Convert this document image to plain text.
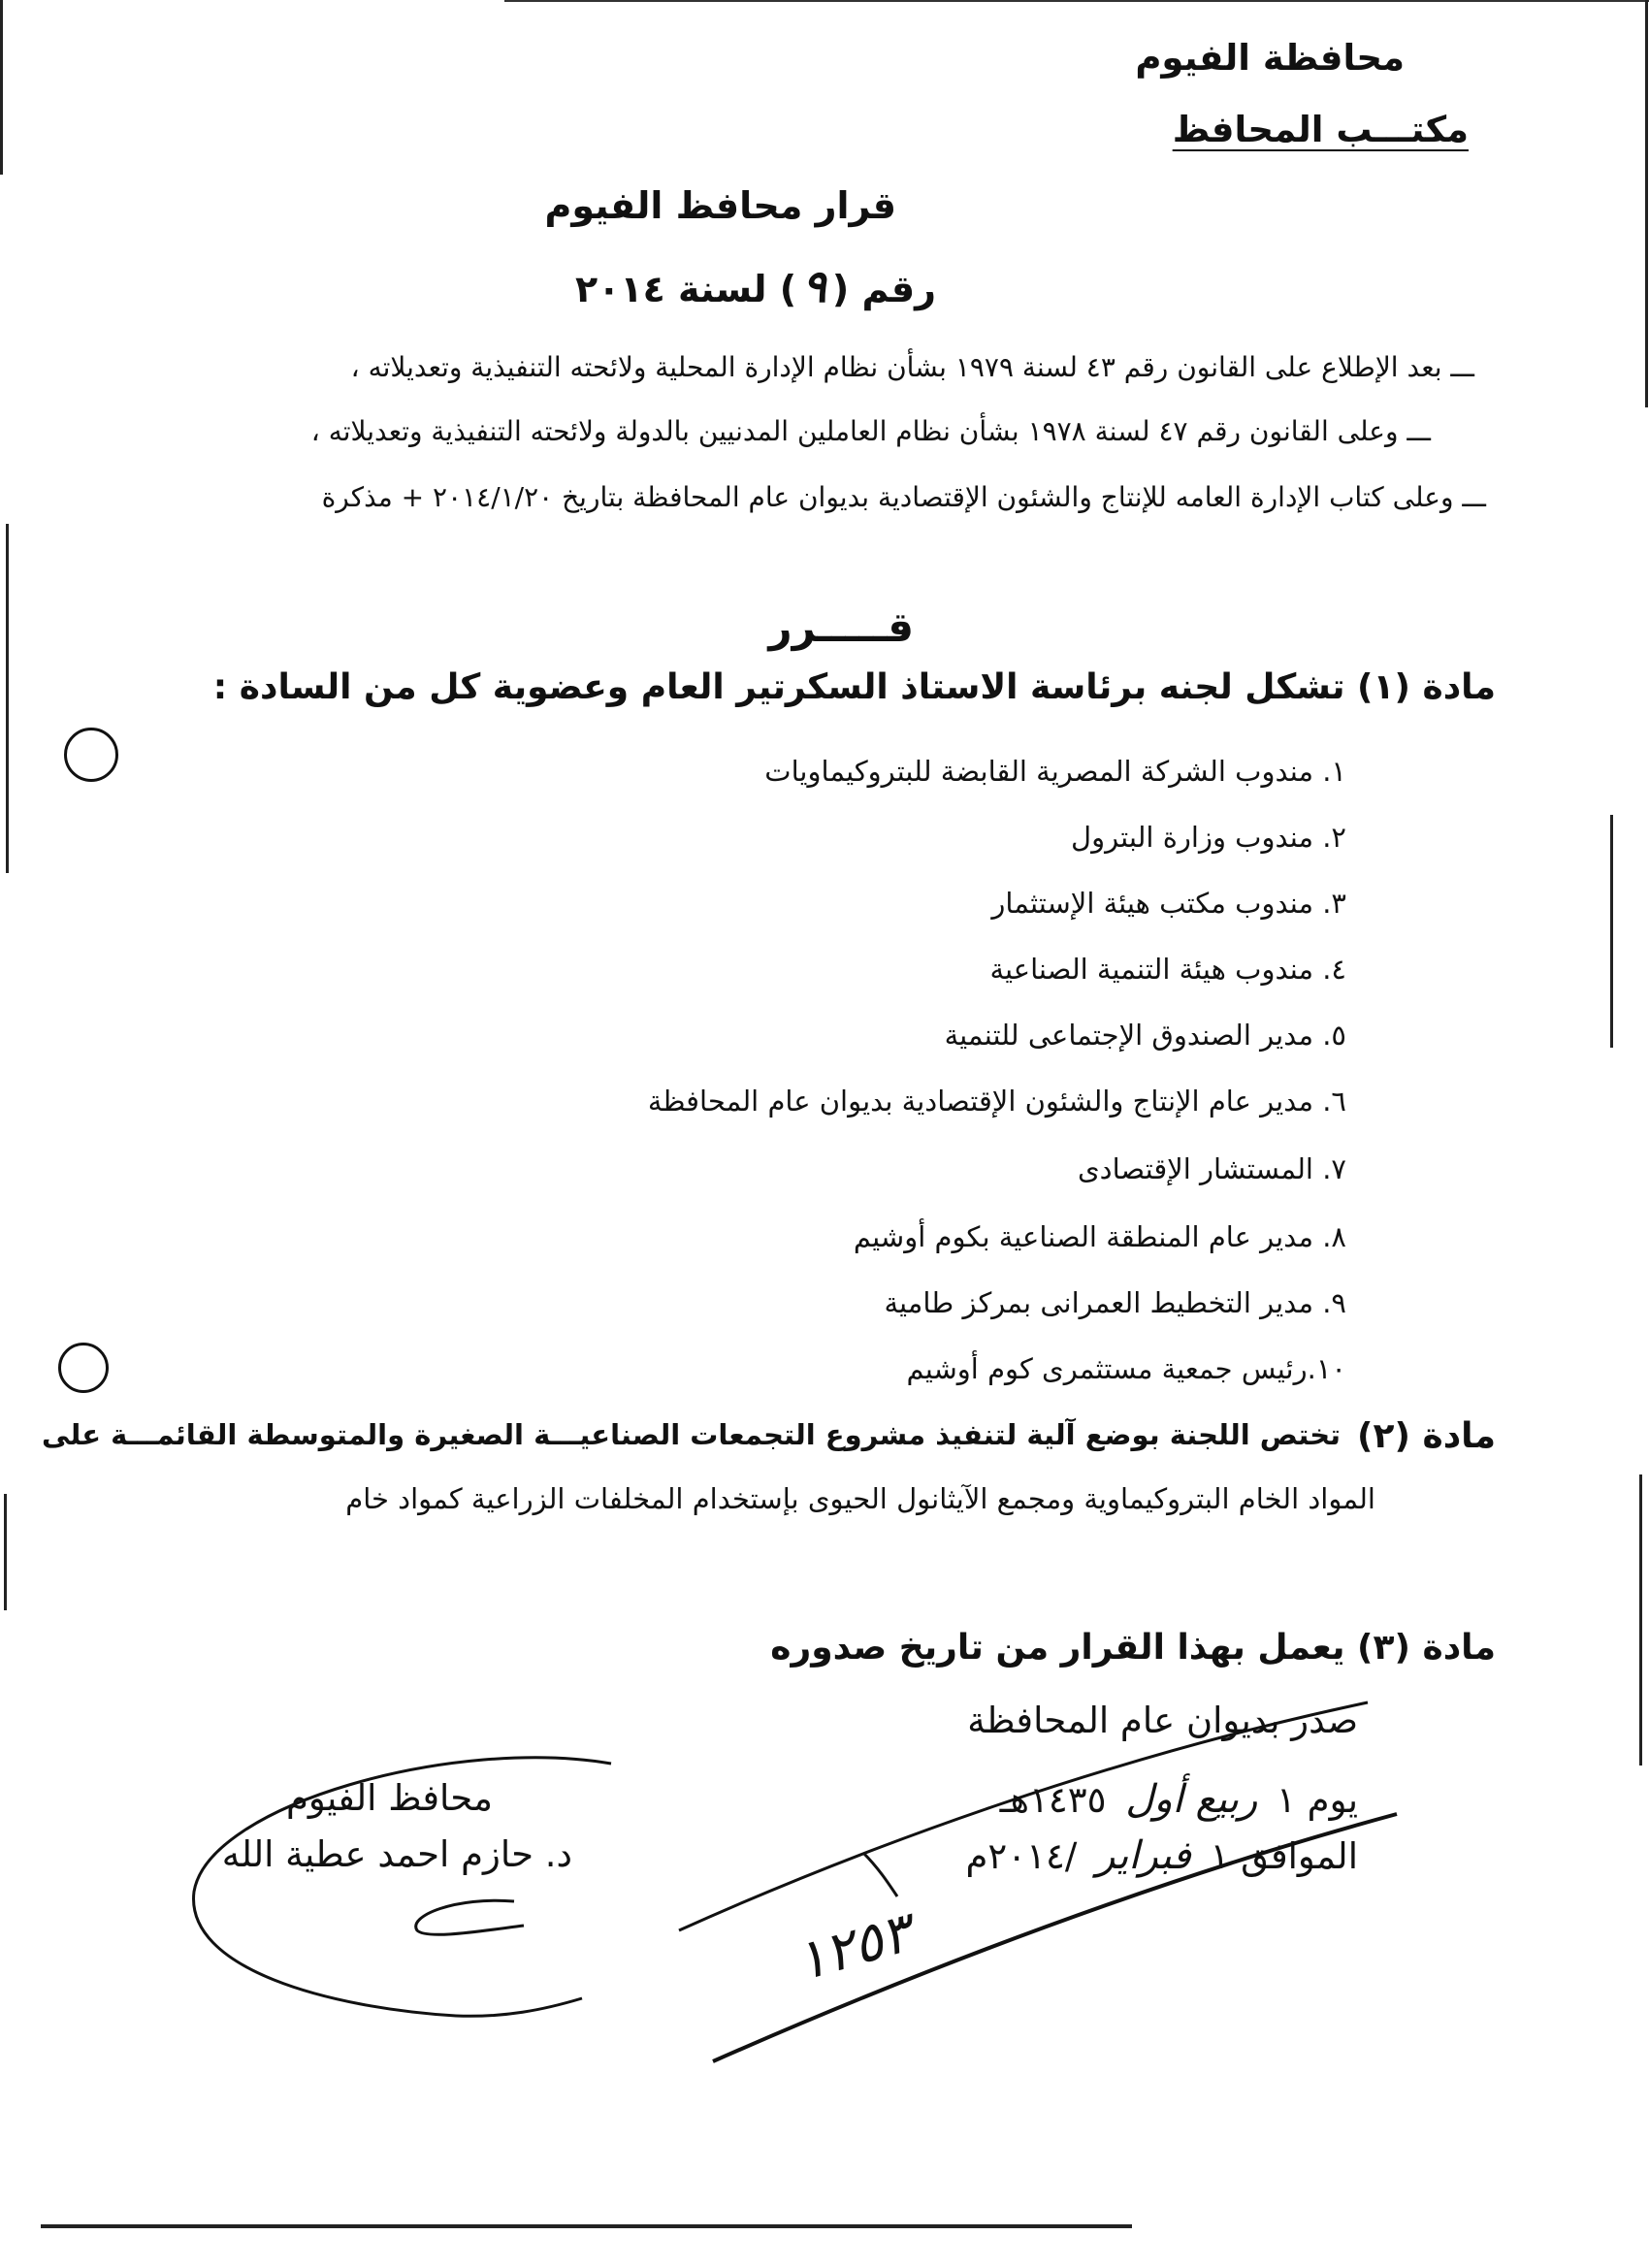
محافظة الفيوم
مكتـــب المحافظ
قرار محافظ الفيوم
رقم (٩) لسنة ٢٠١٤
ـــ بعد الإطلاع على القانون رقم ٤٣ لسنة ١٩٧٩ بشأن نظام الإدارة المحلية ولائحته التنفيذية وتعديلاته ،
ـــ وعلى القانون رقم ٤٧ لسنة ١٩٧٨ بشأن نظام العاملين المدنيين بالدولة ولائحته التنفيذية وتعديلاته ،
ـــ وعلى كتاب الإدارة العامه للإنتاج والشئون الإقتصادية بديوان عام المحافظة بتاريخ ٢٠١٤/١/٢٠ + مذكرة
قـــــرر
مادة (١) تشكل لجنه برئاسة الاستاذ السكرتير العام وعضوية كل من السادة :
١. مندوب الشركة المصرية القابضة للبتروكيماويات
٢. مندوب وزارة البترول
٣. مندوب مكتب هيئة الإستثمار
٤. مندوب هيئة التنمية الصناعية
٥. مدير الصندوق الإجتماعى للتنمية
٦. مدير عام الإنتاج والشئون الإقتصادية بديوان عام المحافظة
٧. المستشار الإقتصادى
٨. مدير عام المنطقة الصناعية بكوم أوشيم
٩. مدير التخطيط العمرانى بمركز طامية
١٠.رئيس جمعية مستثمرى كوم أوشيم
مادة (٢)
تختص اللجنة بوضع آلية لتنفيذ مشروع التجمعات الصناعيـــة الصغيرة والمتوسطة القائمـــة على
المواد الخام البتروكيماوية ومجمع الآيثانول الحيوى بإستخدام المخلفات الزراعية كمواد خام
مادة (٣) يعمل بهذا القرار من تاريخ صدوره
صدر بديوان عام المحافظة
يوم ١ ربيع أول ١٤٣٥هـ
الموافق ١ فبراير /٢٠١٤م
محافظ الفيوم
د. حازم احمد عطية الله
١٢٥٣
